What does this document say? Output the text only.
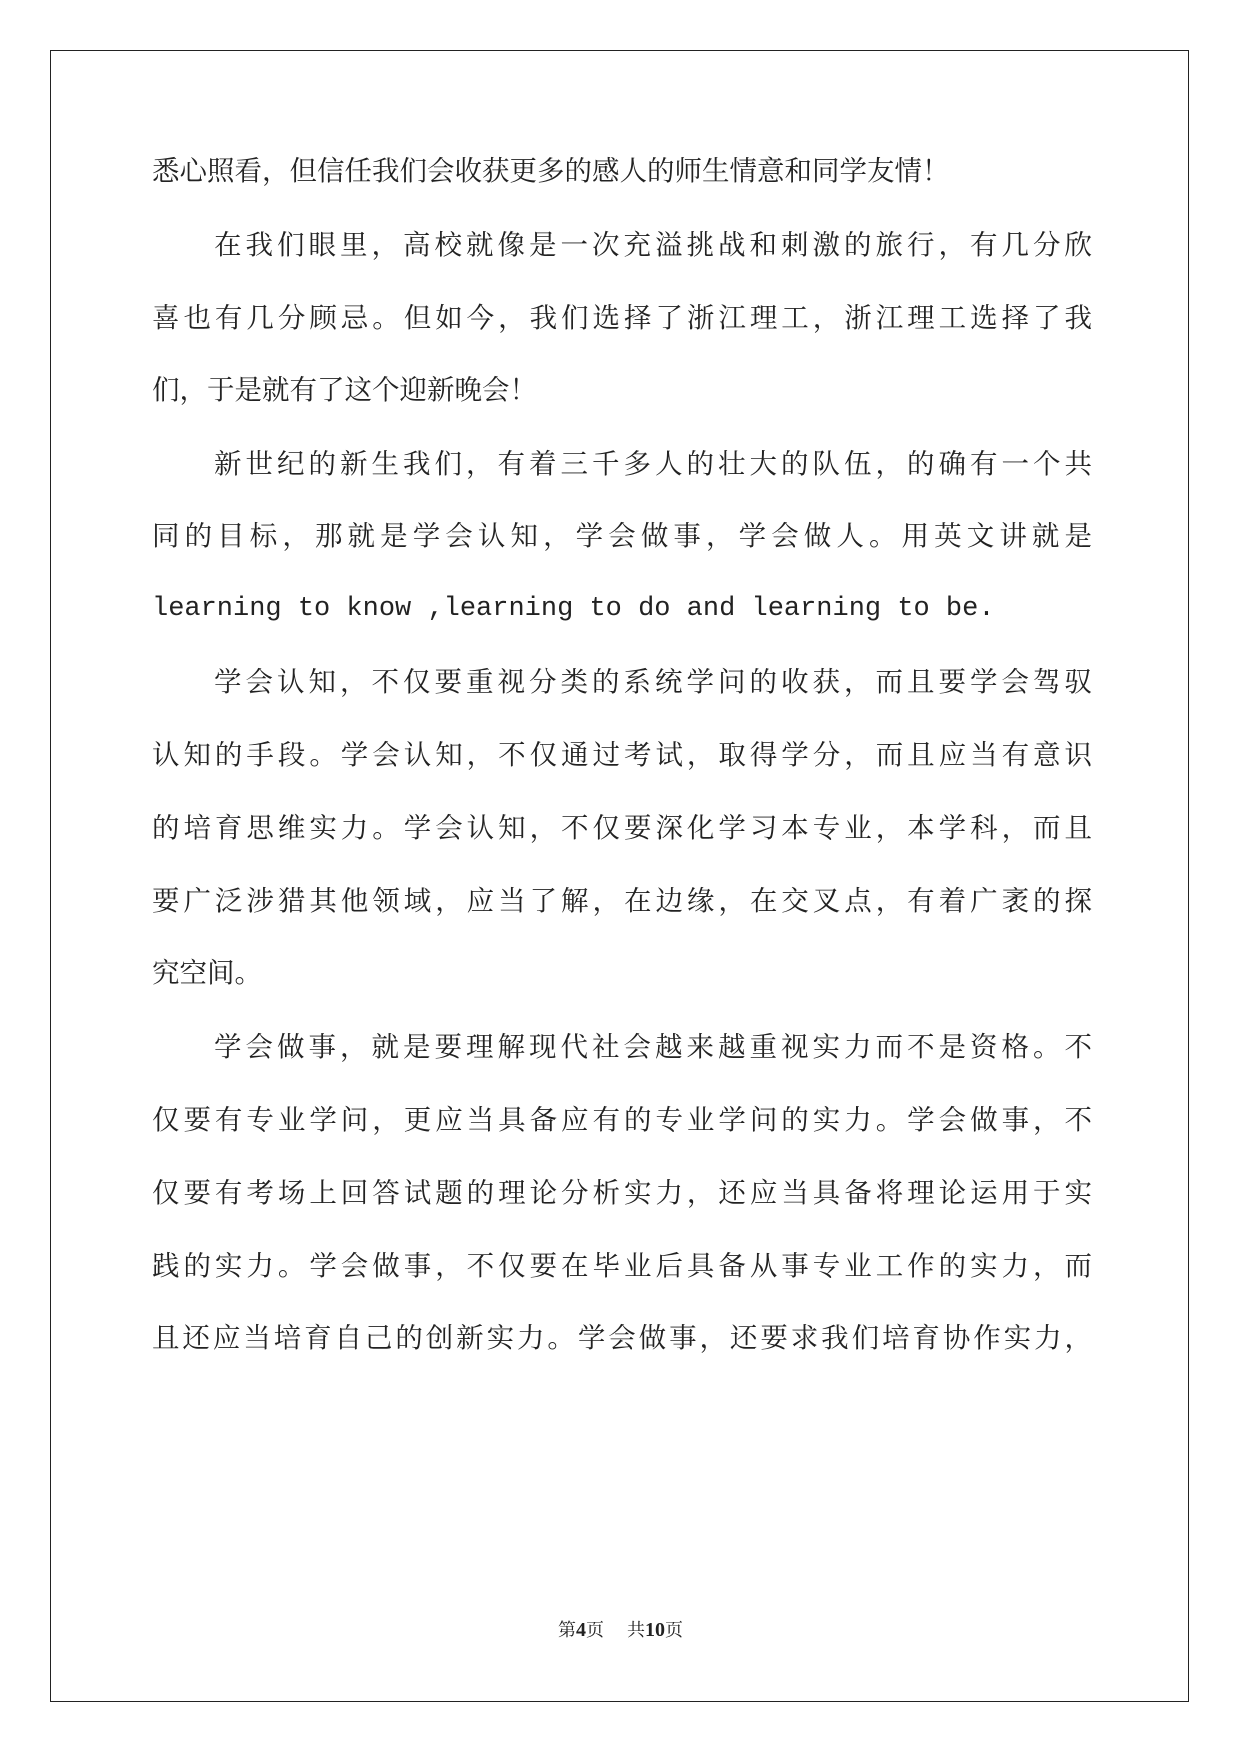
悉心照看，但信任我们会收获更多的感人的师生情意和同学友情！

在我们眼里，高校就像是一次充溢挑战和刺激的旅行，有几分欣

喜也有几分顾忌。但如今，我们选择了浙江理工，浙江理工选择了我

们，于是就有了这个迎新晚会！

新世纪的新生我们，有着三千多人的壮大的队伍，的确有一个共

同的目标，那就是学会认知，学会做事，学会做人。用英文讲就是

learning to know ,learning to do and learning to be.

学会认知，不仅要重视分类的系统学问的收获，而且要学会驾驭

认知的手段。学会认知，不仅通过考试，取得学分，而且应当有意识

的培育思维实力。学会认知，不仅要深化学习本专业，本学科，而且

要广泛涉猎其他领域，应当了解，在边缘，在交叉点，有着广袤的探

究空间。

学会做事，就是要理解现代社会越来越重视实力而不是资格。不

仅要有专业学问，更应当具备应有的专业学问的实力。学会做事，不

仅要有考场上回答试题的理论分析实力，还应当具备将理论运用于实

践的实力。学会做事，不仅要在毕业后具备从事专业工作的实力，而

且还应当培育自己的创新实力。学会做事，还要求我们培育协作实力，

第4页 共10页
